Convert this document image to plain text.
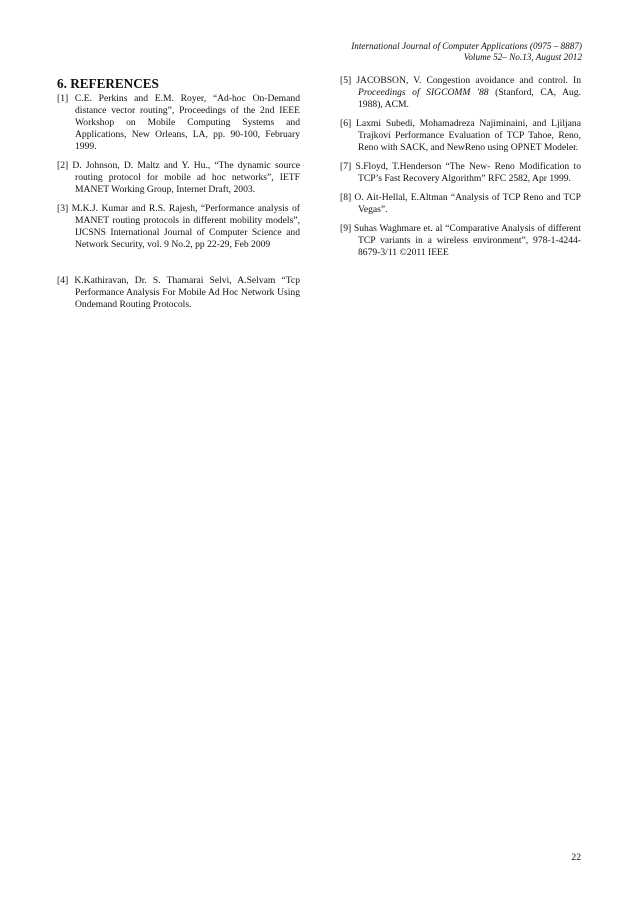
International Journal of Computer Applications (0975 – 8887)
Volume 52– No.13, August 2012
6. REFERENCES
[1] C.E. Perkins and E.M. Royer, “Ad-hoc On-Demand distance vector routing”, Proceedings of the 2nd IEEE Workshop on Mobile Computing Systems and Applications, New Orleans, LA, pp. 90-100, February 1999.
[2] D. Johnson, D. Maltz and Y. Hu., “The dynamic source routing protocol for mobile ad hoc networks”, IETF MANET Working Group, Internet Draft, 2003.
[3] M.K.J. Kumar and R.S. Rajesh, “Performance analysis of MANET routing protocols in different mobility models”, IJCSNS International Journal of Computer Science and Network Security, vol. 9 No.2, pp 22-29, Feb 2009
[4] K.Kathiravan, Dr. S. Thamarai Selvi, A.Selvam “Tcp Performance Analysis For Mobile Ad Hoc Network Using Ondemand Routing Protocols.
[5] JACOBSON, V. Congestion avoidance and control. In Proceedings of SIGCOMM '88 (Stanford, CA, Aug. 1988), ACM.
[6] Laxmi Subedi, Mohamadreza Najiminaini, and Ljiljana Trajkovi Performance Evaluation of TCP Tahoe, Reno, Reno with SACK, and NewReno using OPNET Modeler.
[7] S.Floyd, T.Henderson “The New- Reno Modification to TCP’s Fast Recovery Algorithm” RFC 2582, Apr 1999.
[8] O. Ait-Hellal, E.Altman “Analysis of TCP Reno and TCP Vegas”.
[9] Suhas Waghmare et. al “Comparative Analysis of different TCP variants in a wireless environment”, 978-1-4244-8679-3/11 ©2011 IEEE
22
